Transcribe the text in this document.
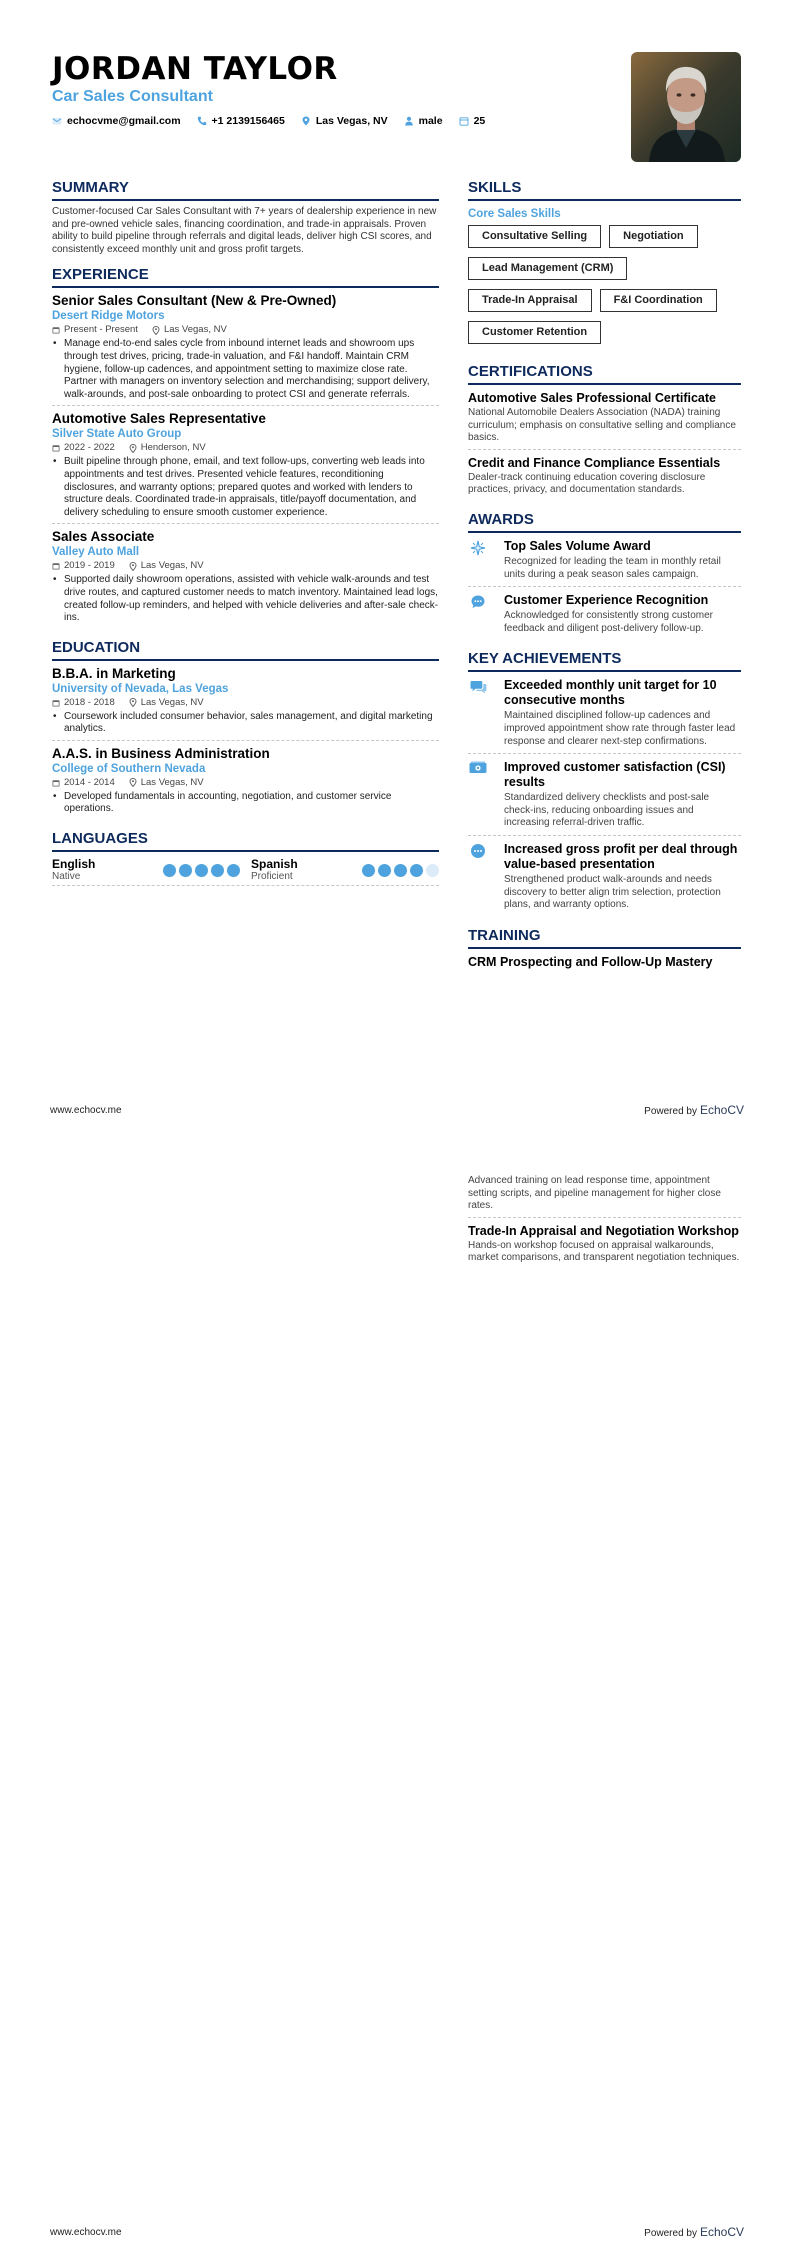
JORDAN TAYLOR
Car Sales Consultant
echocvme@gmail.com	+1 2139156465	Las Vegas, NV	male	25
SUMMARY
Customer-focused Car Sales Consultant with 7+ years of dealership experience in new and pre-owned vehicle sales, financing coordination, and trade-in appraisals. Proven ability to build pipeline through referrals and digital leads, deliver high CSI scores, and consistently exceed monthly unit and gross profit targets.
EXPERIENCE
Senior Sales Consultant (New & Pre-Owned)
Desert Ridge Motors
Present - Present	Las Vegas, NV
• Manage end-to-end sales cycle from inbound internet leads and showroom ups through test drives, pricing, trade-in valuation, and F&I handoff. Maintain CRM hygiene, follow-up cadences, and appointment setting to maximize close rate. Partner with managers on inventory selection and merchandising; support delivery, walk-arounds, and post-sale onboarding to protect CSI and generate referrals.
Automotive Sales Representative
Silver State Auto Group
2022 - 2022	Henderson, NV
• Built pipeline through phone, email, and text follow-ups, converting web leads into appointments and test drives. Presented vehicle features, reconditioning disclosures, and warranty options; prepared quotes and worked with lenders to structure deals. Coordinated trade-in appraisals, title/payoff documentation, and delivery scheduling to ensure smooth customer experience.
Sales Associate
Valley Auto Mall
2019 - 2019	Las Vegas, NV
• Supported daily showroom operations, assisted with vehicle walk-arounds and test drive routes, and captured customer needs to match inventory. Maintained lead logs, created follow-up reminders, and helped with vehicle deliveries and after-sale check-ins.
EDUCATION
B.B.A. in Marketing
University of Nevada, Las Vegas
2018 - 2018	Las Vegas, NV
• Coursework included consumer behavior, sales management, and digital marketing analytics.
A.A.S. in Business Administration
College of Southern Nevada
2014 - 2014	Las Vegas, NV
• Developed fundamentals in accounting, negotiation, and customer service operations.
LANGUAGES
English
Native
Spanish
Proficient
SKILLS
Core Sales Skills
Consultative Selling	Negotiation
Lead Management (CRM)
Trade-In Appraisal	F&I Coordination
Customer Retention
CERTIFICATIONS
Automotive Sales Professional Certificate
National Automobile Dealers Association (NADA) training curriculum; emphasis on consultative selling and compliance basics.
Credit and Finance Compliance Essentials
Dealer-track continuing education covering disclosure practices, privacy, and documentation standards.
AWARDS
Top Sales Volume Award
Recognized for leading the team in monthly retail units during a peak season sales campaign.
Customer Experience Recognition
Acknowledged for consistently strong customer feedback and diligent post-delivery follow-up.
KEY ACHIEVEMENTS
Exceeded monthly unit target for 10 consecutive months
Maintained disciplined follow-up cadences and improved appointment show rate through faster lead response and clearer next-step confirmations.
Improved customer satisfaction (CSI) results
Standardized delivery checklists and post-sale check-ins, reducing onboarding issues and increasing referral-driven traffic.
Increased gross profit per deal through value-based presentation
Strengthened product walk-arounds and needs discovery to better align trim selection, protection plans, and warranty options.
TRAINING
CRM Prospecting and Follow-Up Mastery
www.echocv.me	Powered by EchoCV
Advanced training on lead response time, appointment setting scripts, and pipeline management for higher close rates.
Trade-In Appraisal and Negotiation Workshop
Hands-on workshop focused on appraisal walkarounds, market comparisons, and transparent negotiation techniques.
www.echocv.me	Powered by EchoCV
